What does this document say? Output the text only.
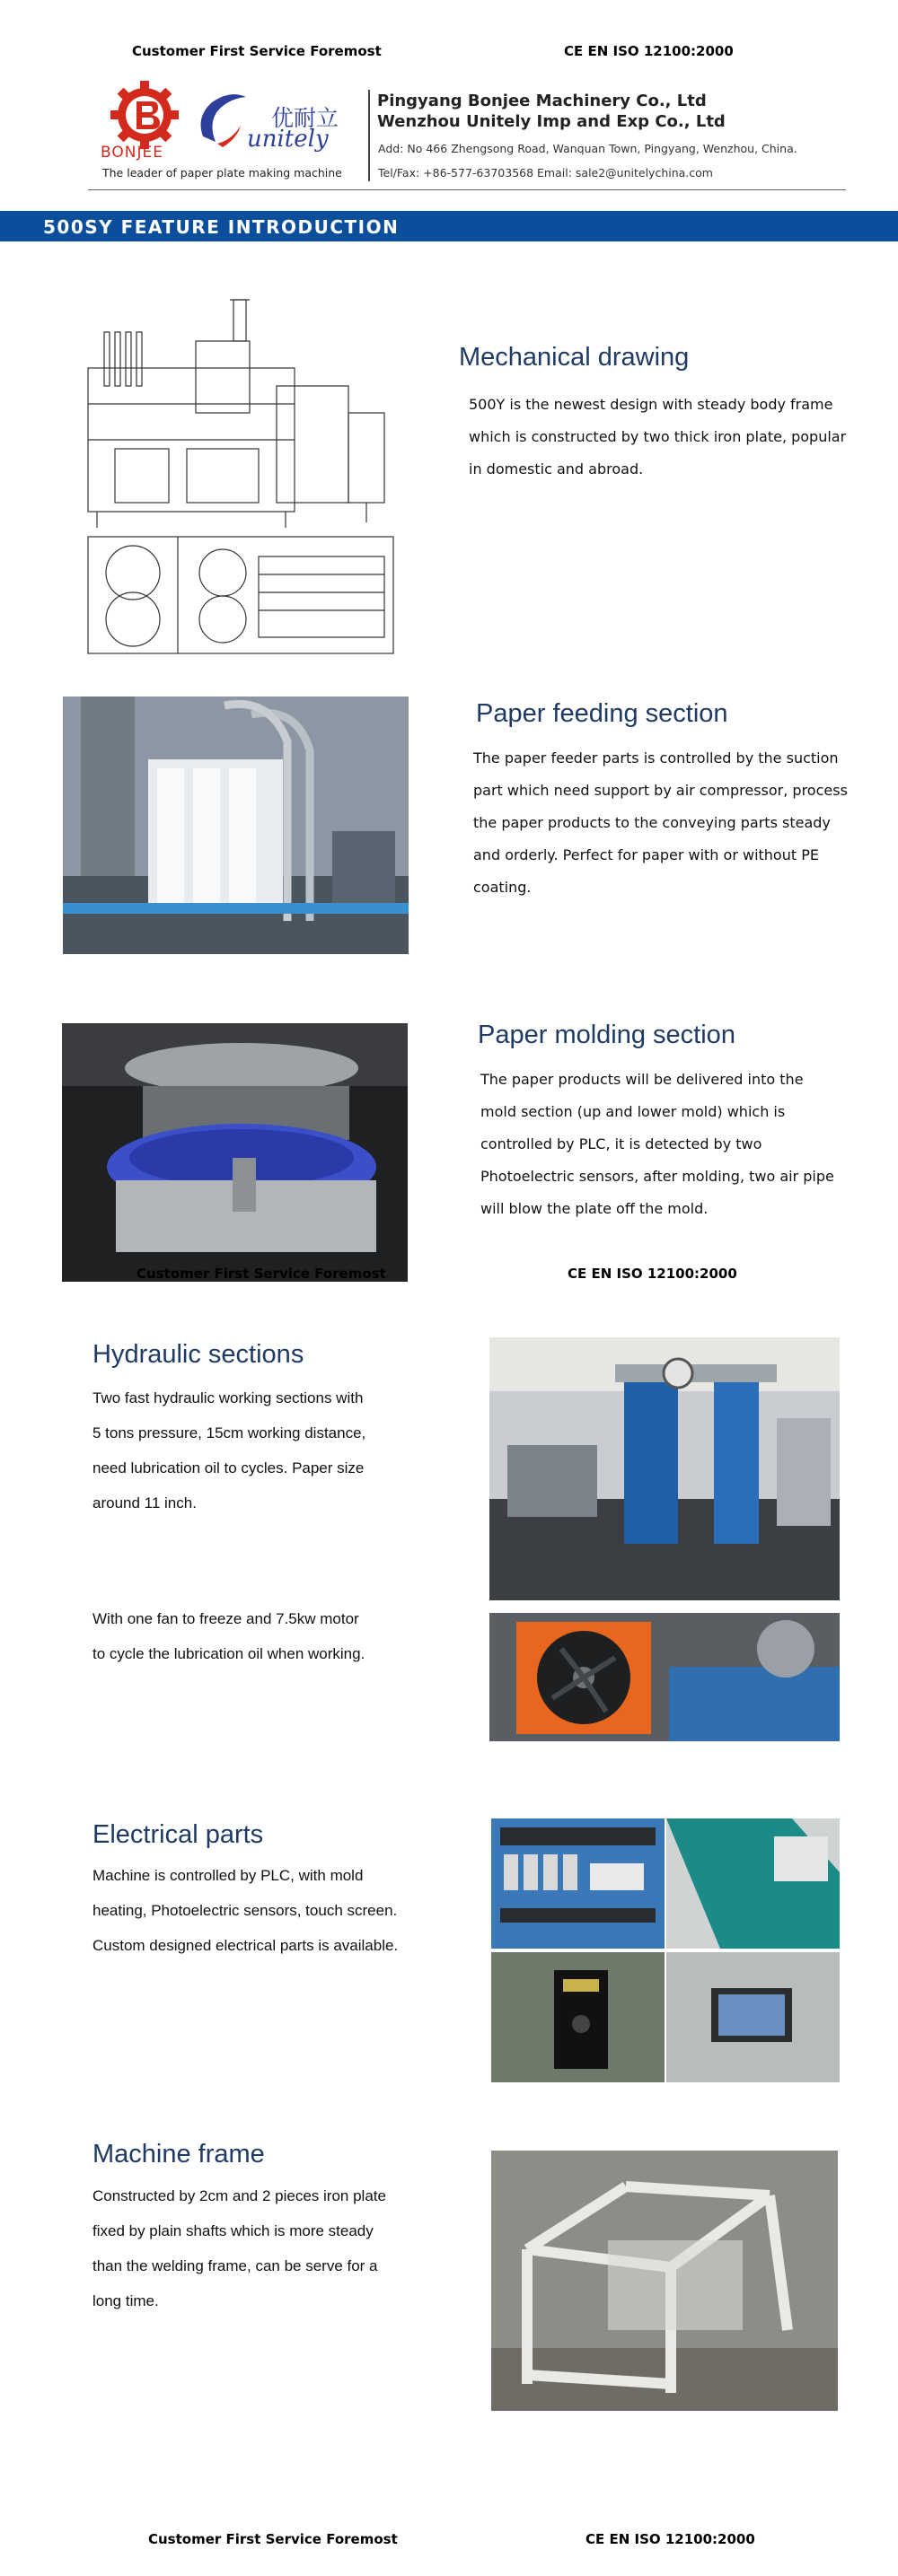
Customer First Service Foremost	CE EN ISO 12100:2000
BONJEE
优耐立
unitely
The leader of paper plate making machine
Pingyang Bonjee Machinery Co., Ltd
Wenzhou Unitely Imp and Exp Co., Ltd
Add: No 466 Zhengsong Road, Wanquan Town, Pingyang, Wenzhou, China.
Tel/Fax: +86-577-63703568 Email: sale2@unitelychina.com
500SY FEATURE INTRODUCTION
Mechanical drawing
500Y is the newest design with steady body frame
which is constructed by two thick iron plate, popular
in domestic and abroad.
Paper feeding section
The paper feeder parts is controlled by the suction
part which need support by air compressor, process
the paper products to the conveying parts steady
and orderly. Perfect for paper with or without PE
coating.
Paper molding section
The paper products will be delivered into the
mold section (up and lower mold) which is
controlled by PLC, it is detected by two
Photoelectric sensors, after molding, two air pipe
will blow the plate off the mold.
Customer First Service Foremost	CE EN ISO 12100:2000
Hydraulic sections
Two fast hydraulic working sections with
5 tons pressure, 15cm working distance,
need lubrication oil to cycles. Paper size
around 11 inch.
With one fan to freeze and 7.5kw motor
to cycle the lubrication oil when working.
Electrical parts
Machine is controlled by PLC, with mold
heating, Photoelectric sensors, touch screen.
Custom designed electrical parts is available.
Machine frame
Constructed by 2cm and 2 pieces iron plate
fixed by plain shafts which is more steady
than the welding frame, can be serve for a
long time.
Customer First Service Foremost	CE EN ISO 12100:2000
